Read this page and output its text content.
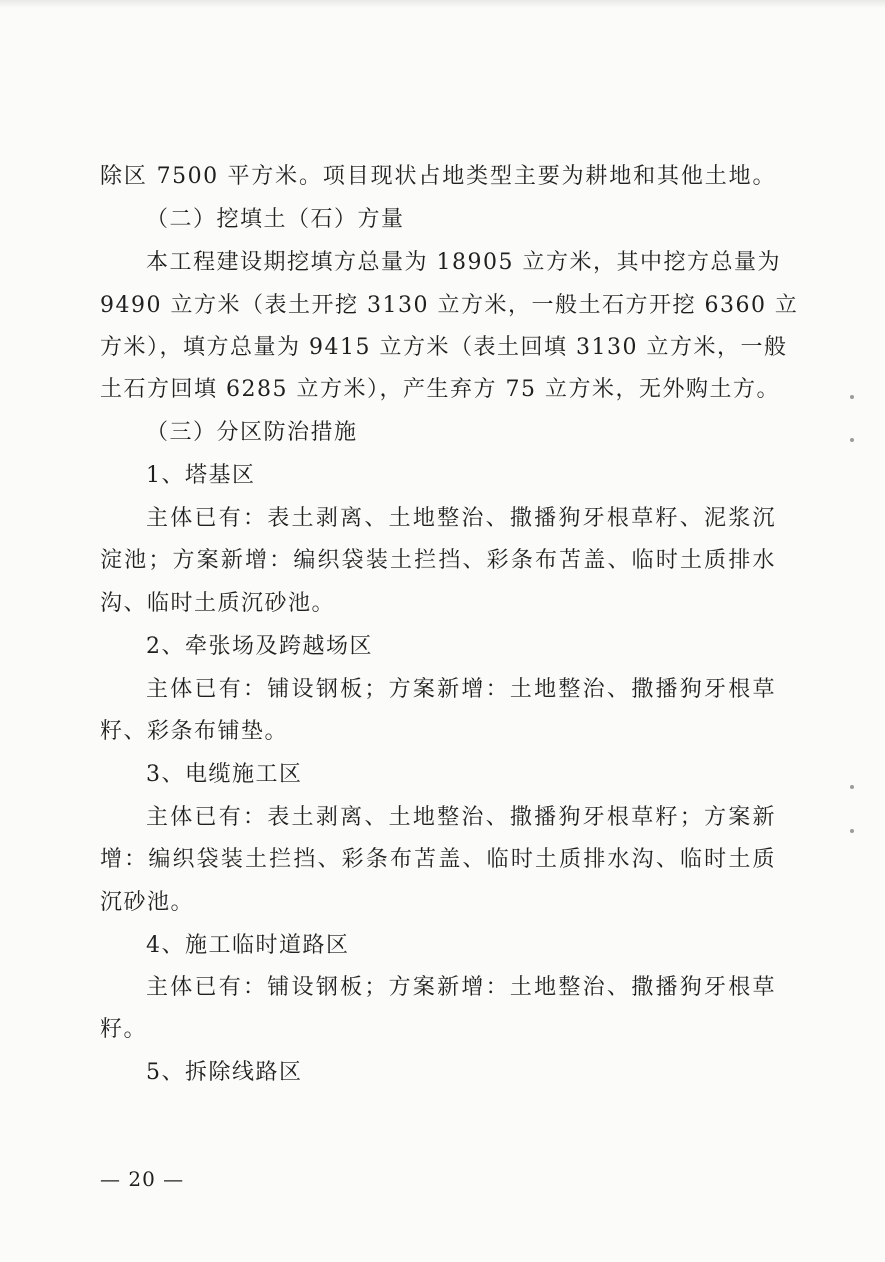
除区 7500 平方米。项目现状占地类型主要为耕地和其他土地。

（二）挖填土（石）方量

本工程建设期挖填方总量为 18905 立方米，其中挖方总量为

9490 立方米（表土开挖 3130 立方米，一般土石方开挖 6360 立

方米），填方总量为 9415 立方米（表土回填 3130 立方米，一般

土石方回填 6285 立方米），产生弃方 75 立方米，无外购土方。

（三）分区防治措施

1、塔基区

主体已有：表土剥离、土地整治、撒播狗牙根草籽、泥浆沉

淀池；方案新增：编织袋装土拦挡、彩条布苫盖、临时土质排水

沟、临时土质沉砂池。

2、牵张场及跨越场区

主体已有：铺设钢板；方案新增：土地整治、撒播狗牙根草

籽、彩条布铺垫。

3、电缆施工区

主体已有：表土剥离、土地整治、撒播狗牙根草籽；方案新

增：编织袋装土拦挡、彩条布苫盖、临时土质排水沟、临时土质

沉砂池。

4、施工临时道路区

主体已有：铺设钢板；方案新增：土地整治、撒播狗牙根草

籽。

5、拆除线路区

— 20 —
